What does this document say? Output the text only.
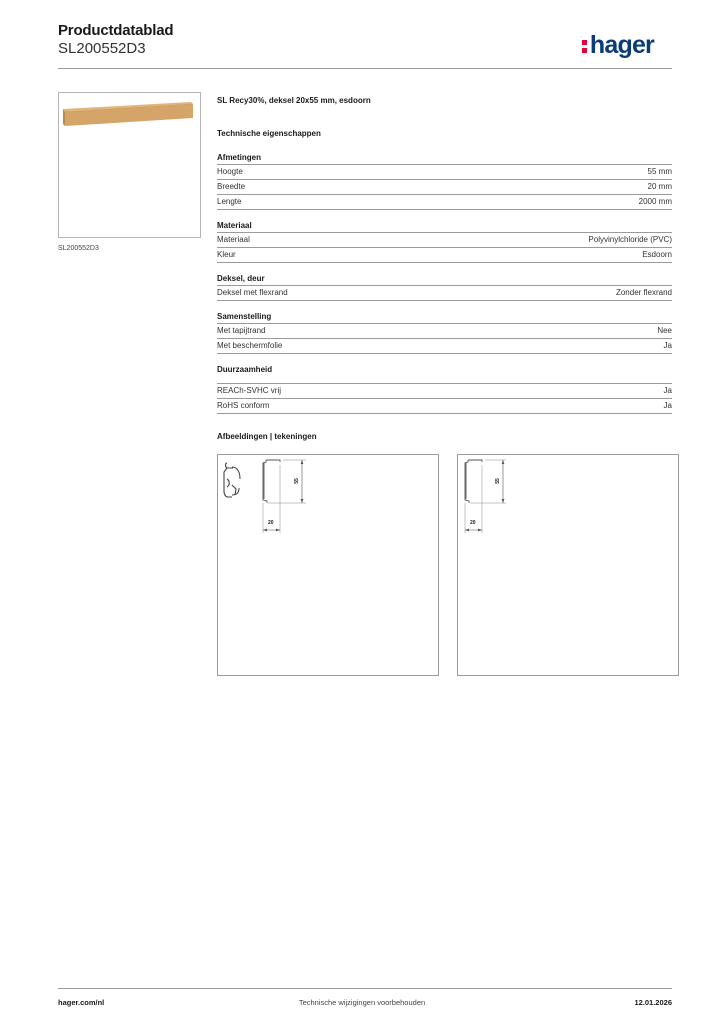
Productdatablad
SL200552D3	hager
SL200552D3
SL Recy30%, deksel 20x55 mm, esdoorn
Technische eigenschappen
Afmetingen
Hoogte	55 mm
Breedte	20 mm
Lengte	2000 mm
Materiaal
Materiaal	Polyvinylchloride (PVC)
Kleur	Esdoorn
Deksel, deur
Deksel met flexrand	Zonder flexrand
Samenstelling
Met tapijtrand	Nee
Met beschermfolie	Ja
Duurzaamheid
REACh-SVHC vrij	Ja
RoHS conform	Ja
Afbeeldingen | tekeningen
55
20
55
20
hager.com/nl	Technische wijzigingen voorbehouden	12.01.2026
